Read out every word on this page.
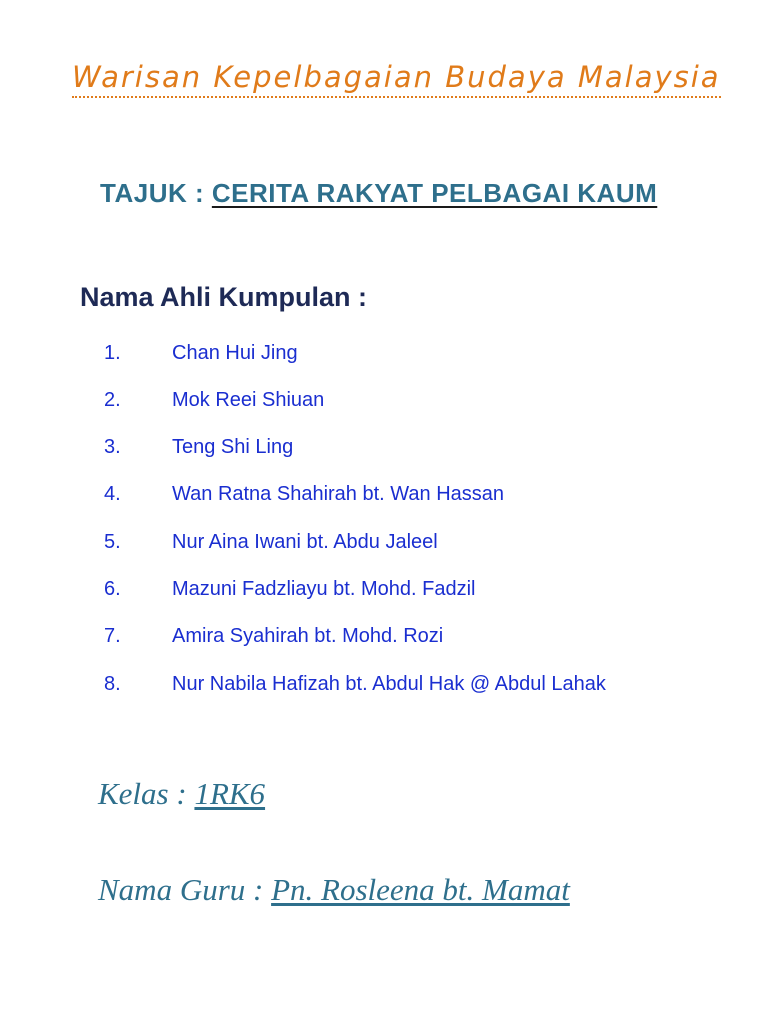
Warisan Kepelbagaian Budaya Malaysia
TAJUK : CERITA RAKYAT PELBAGAI KAUM
Nama Ahli Kumpulan :
1.	Chan Hui Jing
2.	Mok Reei Shiuan
3.	Teng Shi Ling
4.	Wan Ratna Shahirah bt. Wan Hassan
5.	Nur Aina Iwani bt. Abdu Jaleel
6.	Mazuni Fadzliayu bt. Mohd. Fadzil
7.	Amira Syahirah bt. Mohd. Rozi
8.	Nur Nabila Hafizah bt. Abdul Hak @ Abdul Lahak
Kelas : 1RK6
Nama Guru : Pn. Rosleena bt. Mamat
